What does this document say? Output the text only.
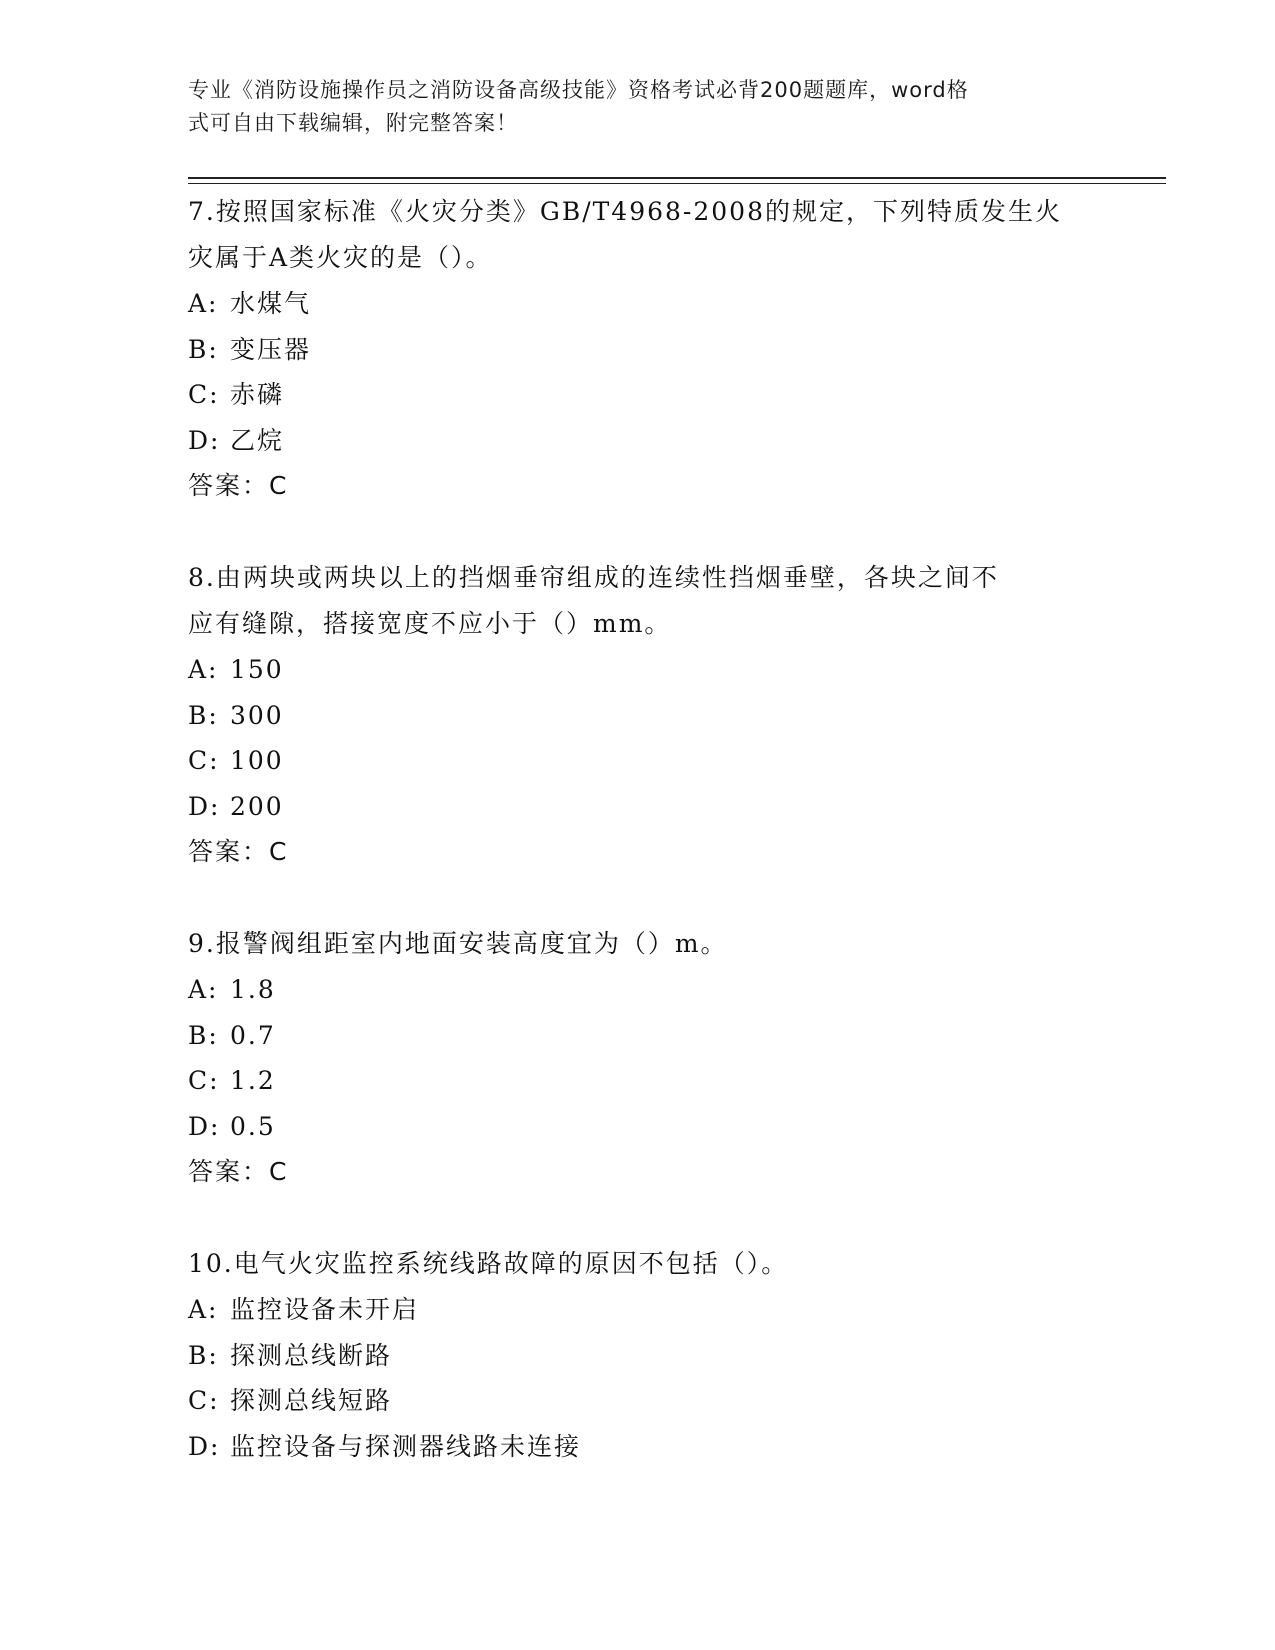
专业《消防设施操作员之消防设备高级技能》资格考试必背200题题库，word格
式可自由下载编辑，附完整答案！

7.按照国家标准《火灾分类》GB/T4968-2008的规定，下列特质发生火

灾属于A类火灾的是（）。

A: 水煤气

B: 变压器

C: 赤磷

D: 乙烷

答案：C

8.由两块或两块以上的挡烟垂帘组成的连续性挡烟垂壁，各块之间不

应有缝隙，搭接宽度不应小于（）mm。

A: 150

B: 300

C: 100

D: 200

答案：C

9.报警阀组距室内地面安装高度宜为（）m。

A: 1.8

B: 0.7

C: 1.2

D: 0.5

答案：C

10.电气火灾监控系统线路故障的原因不包括（）。

A: 监控设备未开启

B: 探测总线断路

C: 探测总线短路

D: 监控设备与探测器线路未连接
